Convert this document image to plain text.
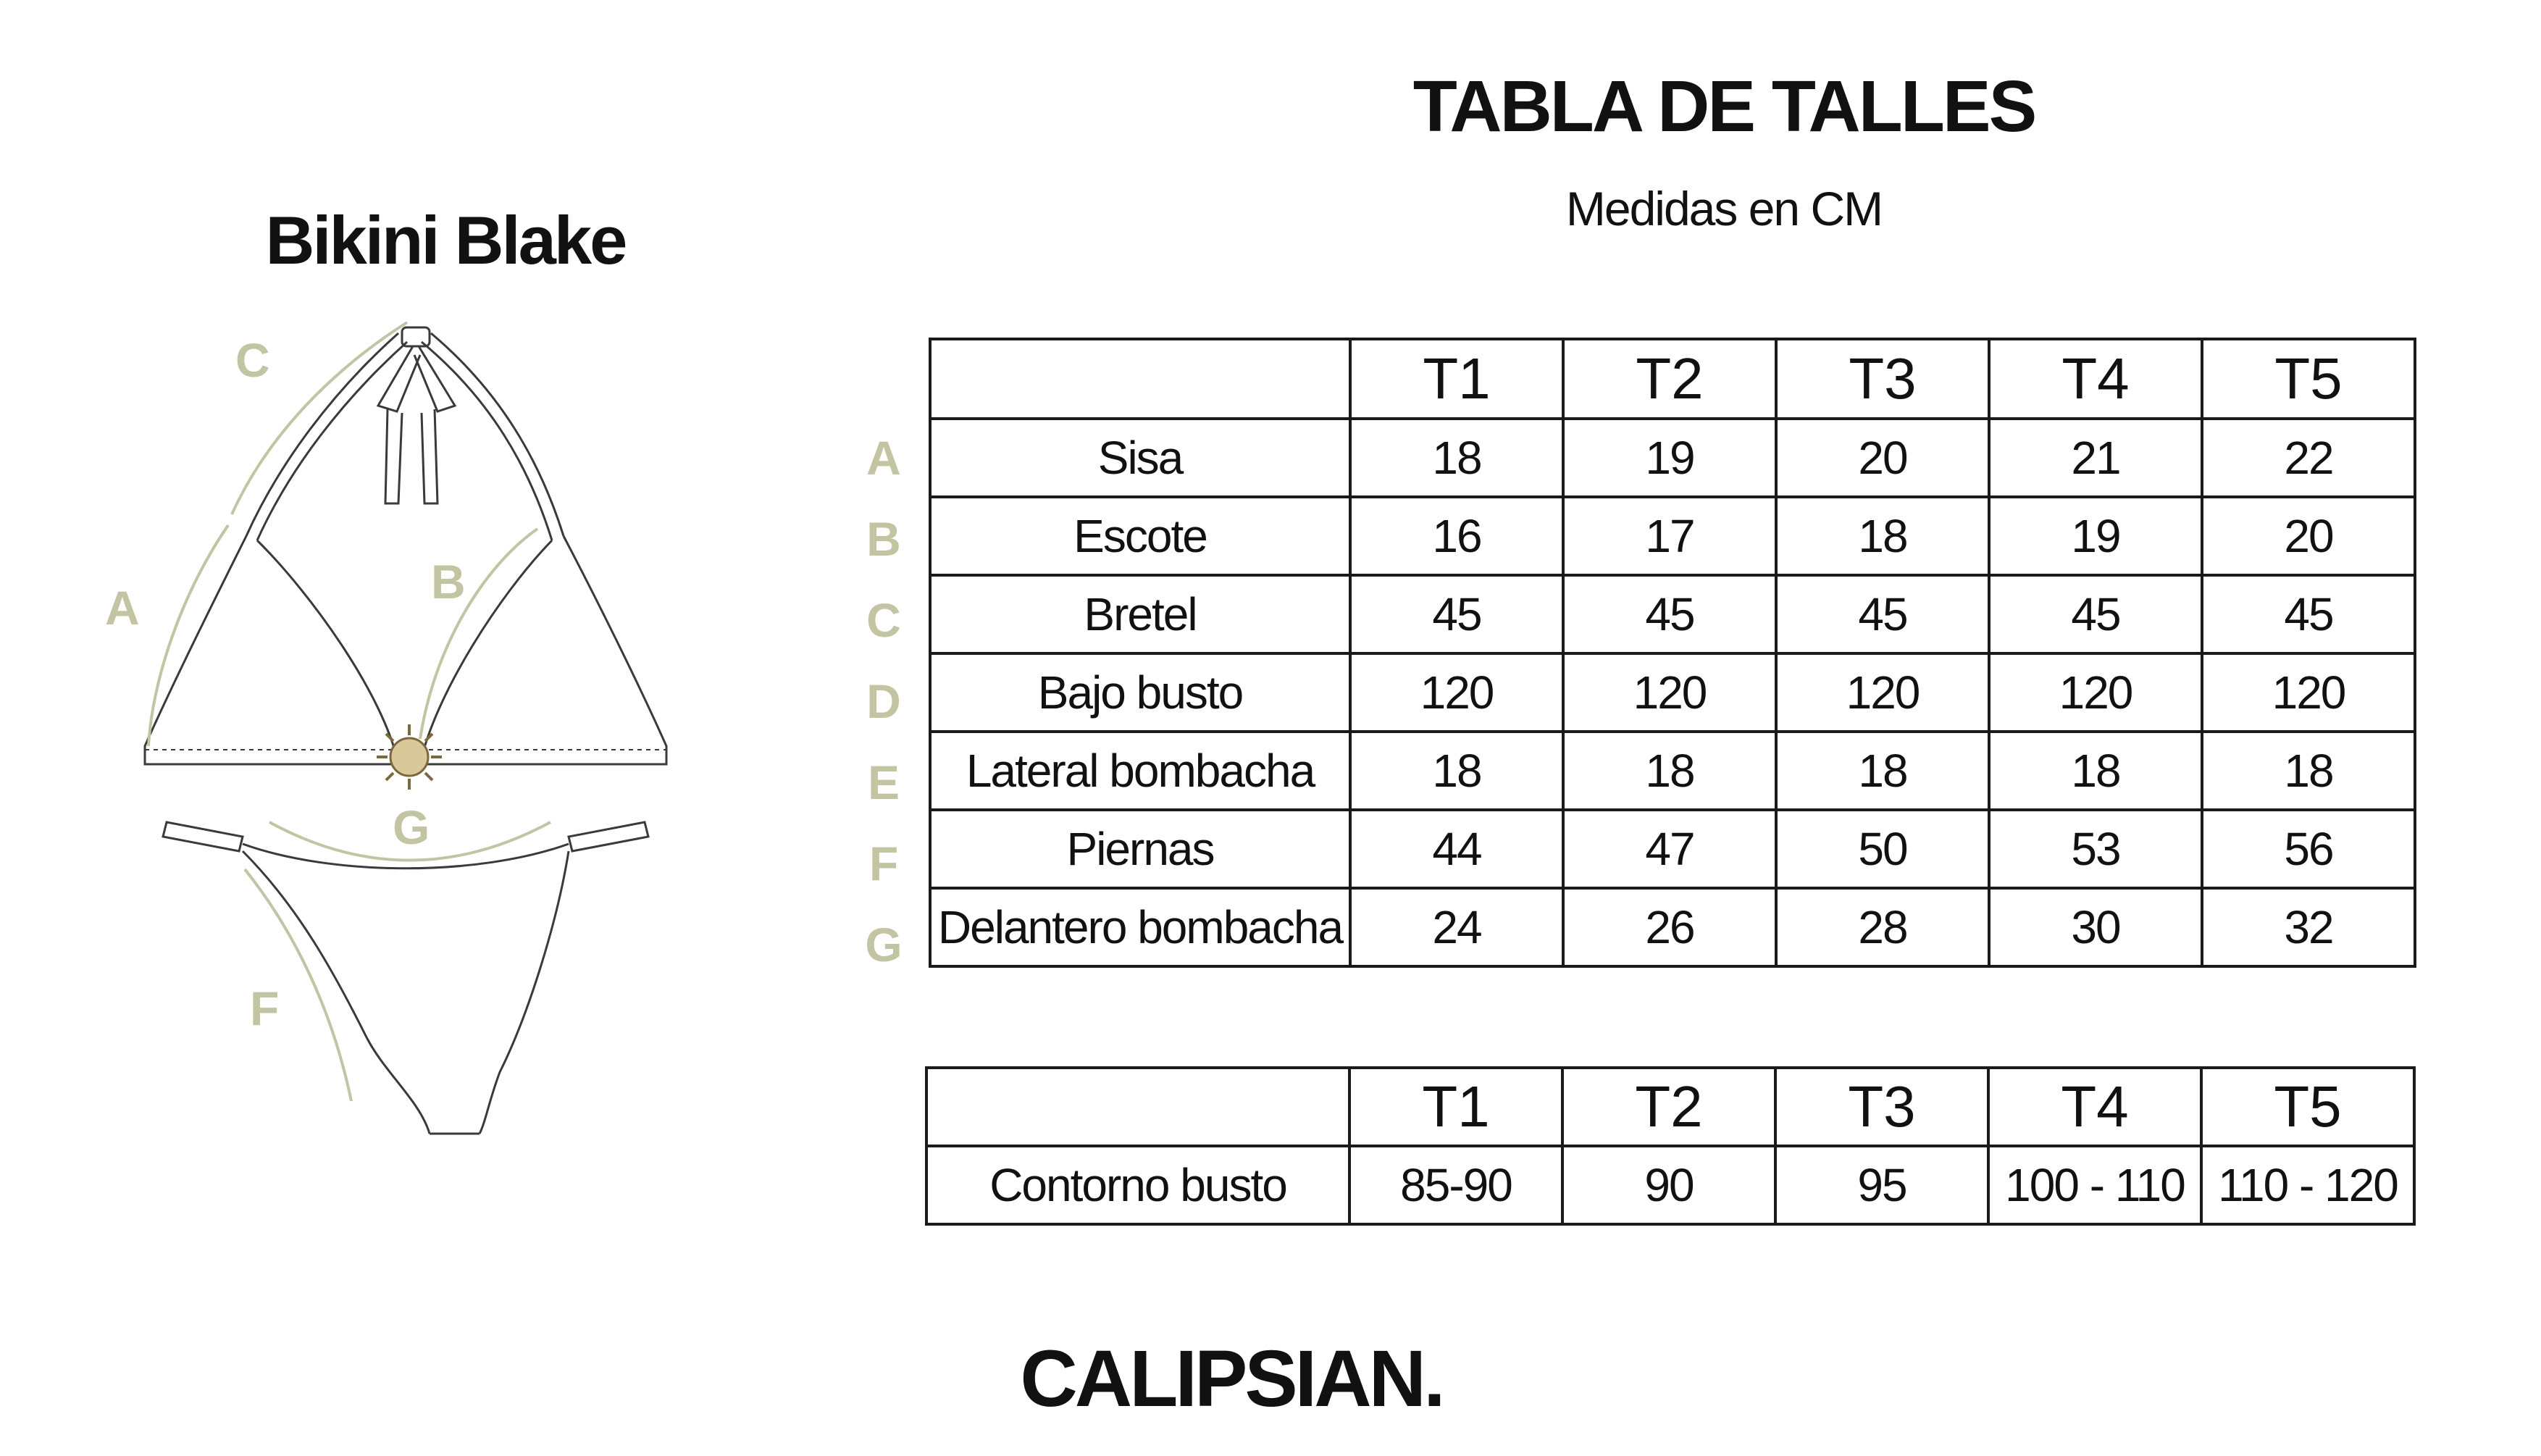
TABLA DE TALLES
Medidas en CM
Bikini Blake
C
A	B
G
F
A
B
C
D
E
F
G
	T1	T2	T3	T4	T5
Sisa	18	19	20	21	22
Escote	16	17	18	19	20
Bretel	45	45	45	45	45
Bajo busto	120	120	120	120	120
Lateral bombacha	18	18	18	18	18
Piernas	44	47	50	53	56
Delantero bombacha	24	26	28	30	32
	T1	T2	T3	T4	T5
Contorno busto	85-90	90	95	100 - 110	110 - 120
CALIPSIAN.
